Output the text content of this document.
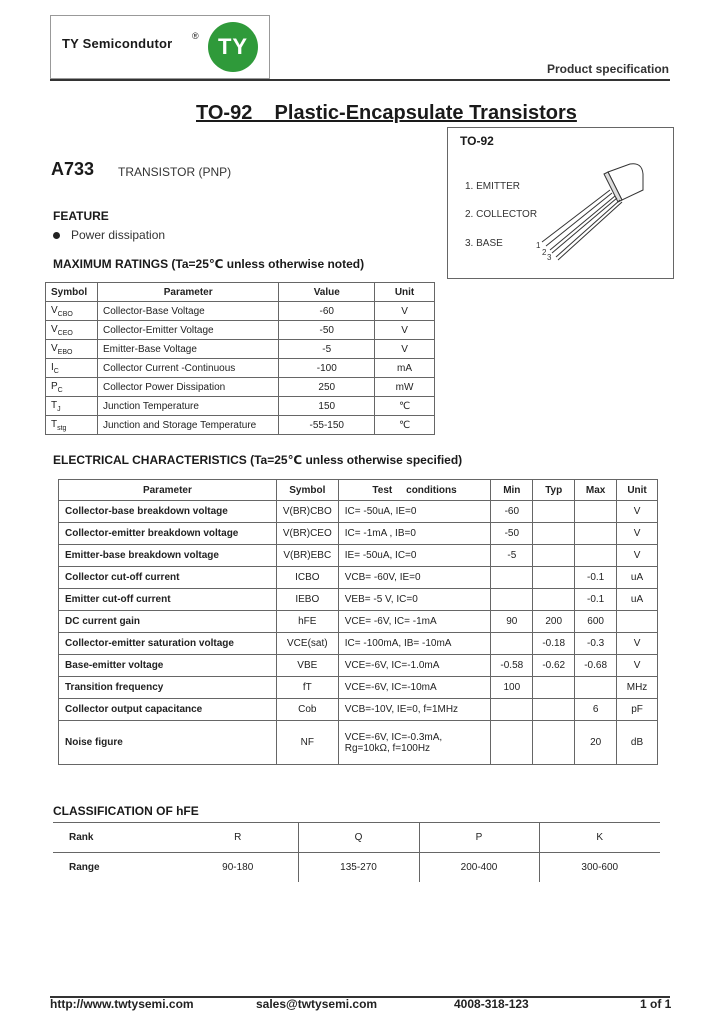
TY Semicondutor ® TY
Product specification
TO-92    Plastic-Encapsulate Transistors
TO-92
1. EMITTER
2. COLLECTOR
3. BASE	1
2
3
A733 TRANSISTOR (PNP)
FEATURE
Power dissipation
MAXIMUM RATINGS (Ta=25℃ unless otherwise noted)
Symbol	Parameter	Value	Unit
$V_{CBO}$	Collector-Base Voltage	-60	V
$V_{CEO}$	Collector-Emitter Voltage	-50	V
$V_{EBO}$	Emitter-Base Voltage	-5	V
$I_C$	Collector Current -Continuous	-100	mA
$P_C$	Collector Power Dissipation	250	mW
$T_J$	Junction Temperature	150	℃
$T_{stg}$	Junction and Storage Temperature	-55-150	℃
ELECTRICAL CHARACTERISTICS (Ta=25℃ unless otherwise specified)
Parameter	Symbol	Test     conditions	Min	Typ	Max	Unit
Collector-base breakdown voltage	V(BR)CBO	IC= -50uA, IE=0	-60			V
Collector-emitter breakdown voltage	V(BR)CEO	IC= -1mA , IB=0	-50			V
Emitter-base breakdown voltage	V(BR)EBC	IE= -50uA, IC=0	-5			V
Collector cut-off current	ICBO	VCB= -60V, IE=0			-0.1	uA
Emitter cut-off current	IEBO	VEB= -5 V, IC=0			-0.1	uA
DC current gain	hFE	VCE= -6V, IC= -1mA	90	200	600	
Collector-emitter saturation voltage	VCE(sat)	IC= -100mA, IB= -10mA		-0.18	-0.3	V
Base-emitter voltage	VBE	VCE=-6V, IC=-1.0mA	-0.58	-0.62	-0.68	V
Transition frequency	fT	VCE=-6V, IC=-10mA	100			MHz
Collector output capacitance	Cob	VCB=-10V, IE=0, f=1MHz			6	pF
Noise figure	NF	VCE=-6V, IC=-0.3mA, Rg=10kΩ, f=100Hz			20	dB
CLASSIFICATION OF hFE
Rank	R	Q	P	K
Range	90-180	135-270	200-400	300-600
http://www.twtysemi.com	sales@twtysemi.com	4008-318-123	1 of 1
